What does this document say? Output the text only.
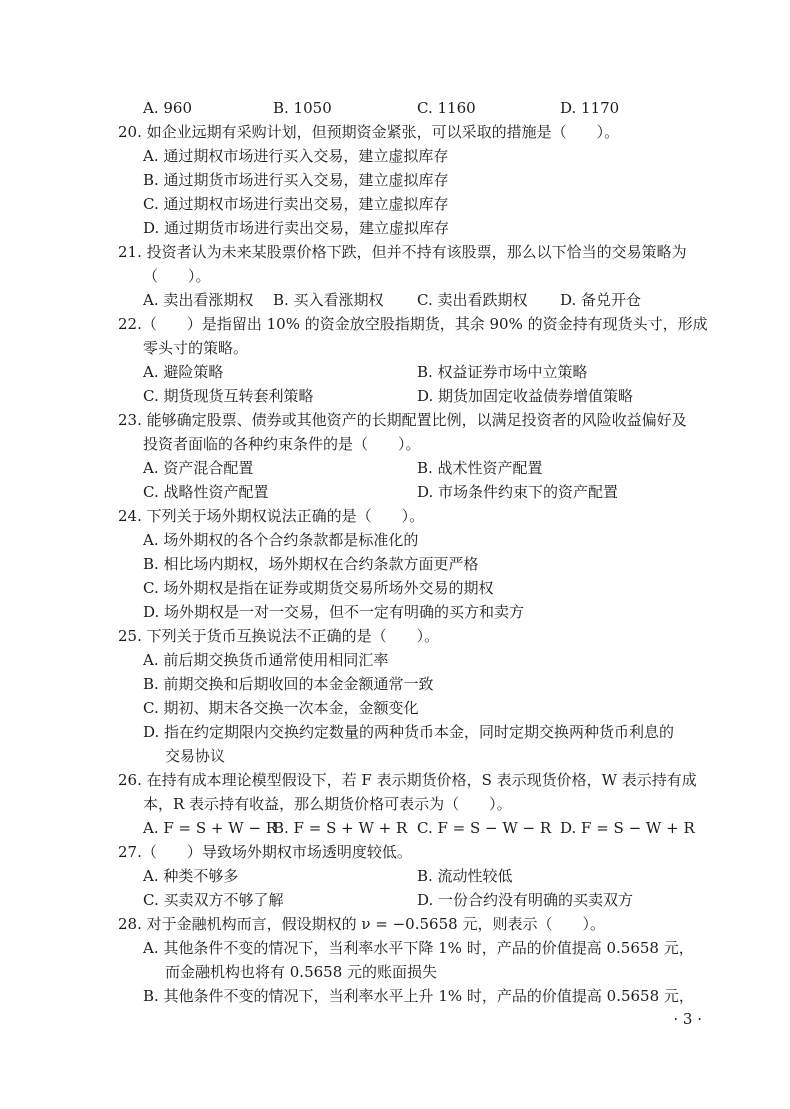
A. 960	B. 1050	C. 1160	D. 1170
20. 如企业远期有采购计划，但预期资金紧张，可以采取的措施是（　　）。
A. 通过期权市场进行买入交易，建立虚拟库存
B. 通过期货市场进行买入交易，建立虚拟库存
C. 通过期权市场进行卖出交易，建立虚拟库存
D. 通过期货市场进行卖出交易，建立虚拟库存
21. 投资者认为未来某股票价格下跌，但并不持有该股票，那么以下恰当的交易策略为
（　　）。
A. 卖出看涨期权 B. 买入看涨期权 C. 卖出看跌期权 D. 备兑开仓
22.（　　）是指留出 10% 的资金放空股指期货，其余 90% 的资金持有现货头寸，形成
零头寸的策略。
A. 避险策略	B. 权益证券市场中立策略
C. 期货现货互转套利策略	D. 期货加固定收益债券增值策略
23. 能够确定股票、债券或其他资产的长期配置比例，以满足投资者的风险收益偏好及
投资者面临的各种约束条件的是（　　）。
A. 资产混合配置	B. 战术性资产配置
C. 战略性资产配置	D. 市场条件约束下的资产配置
24. 下列关于场外期权说法正确的是（　　）。
A. 场外期权的各个合约条款都是标准化的
B. 相比场内期权，场外期权在合约条款方面更严格
C. 场外期权是指在证券或期货交易所场外交易的期权
D. 场外期权是一对一交易，但不一定有明确的买方和卖方
25. 下列关于货币互换说法不正确的是（　　）。
A. 前后期交换货币通常使用相同汇率
B. 前期交换和后期收回的本金金额通常一致
C. 期初、期末各交换一次本金，金额变化
D. 指在约定期限内交换约定数量的两种货币本金，同时定期交换两种货币利息的
交易协议
26. 在持有成本理论模型假设下，若 F 表示期货价格，S 表示现货价格，W 表示持有成
本，R 表示持有收益，那么期货价格可表示为（　　）。
A. F = S + W − R
B. F = S + W + R C. F = S − W − R D. F = S − W + R
27.（　　）导致场外期权市场透明度较低。
A. 种类不够多	B. 流动性较低
C. 买卖双方不够了解	D. 一份合约没有明确的买卖双方
28. 对于金融机构而言，假设期权的 ν = −0.5658 元，则表示（　　）。
A. 其他条件不变的情况下，当利率水平下降 1% 时，产品的价值提高 0.5658 元，
而金融机构也将有 0.5658 元的账面损失
B. 其他条件不变的情况下，当利率水平上升 1% 时，产品的价值提高 0.5658 元，
· 3 ·
